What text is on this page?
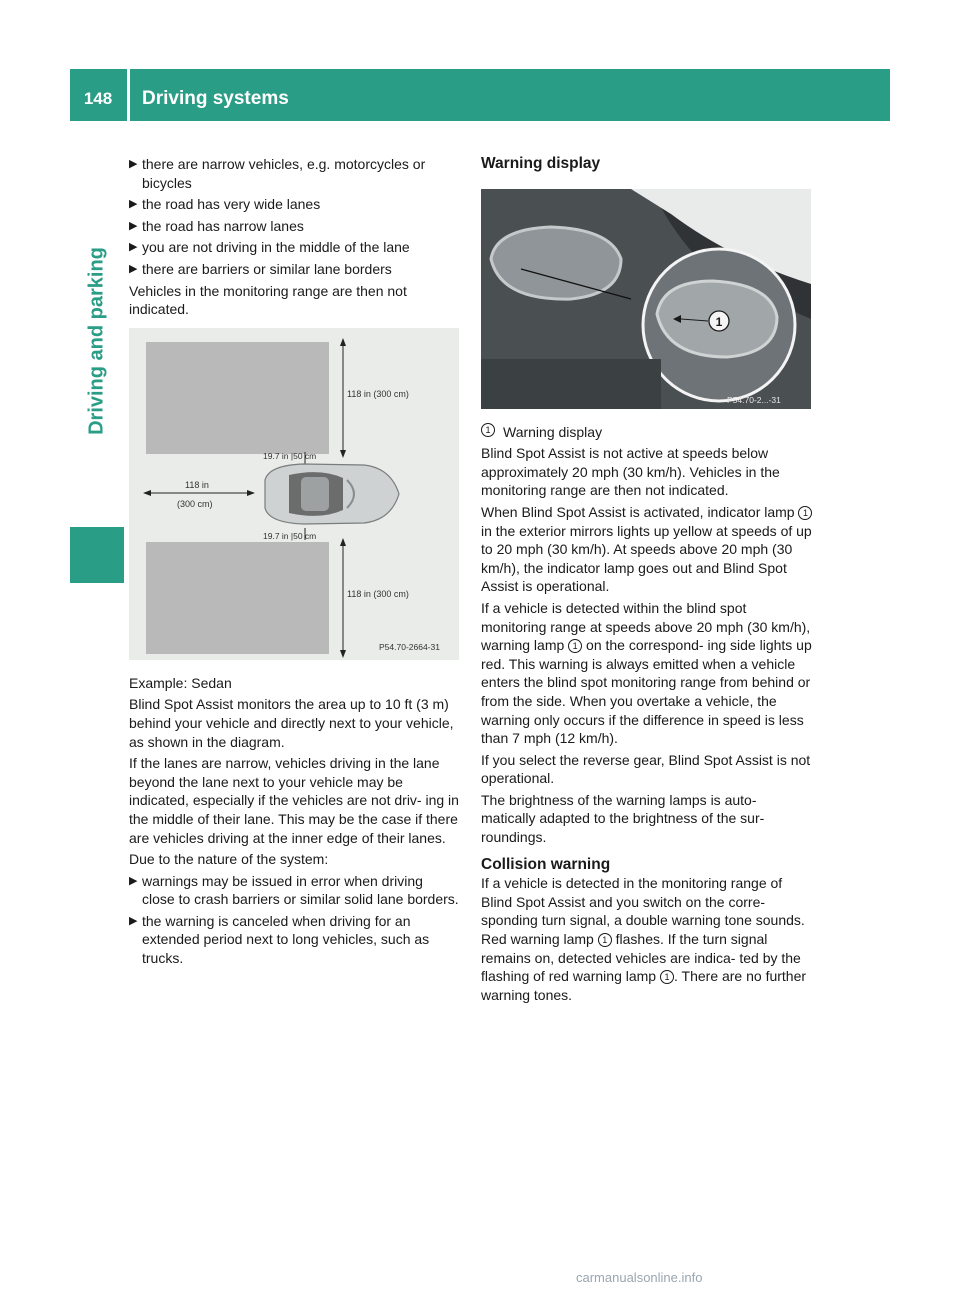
148	Driving systems
Driving and parking
▶ there are narrow vehicles, e.g. motorcycles or bicycles
▶ the road has very wide lanes
▶ the road has narrow lanes
▶ you are not driving in the middle of the lane
▶ there are barriers or similar lane borders

Vehicles in the monitoring range are then not indicated.

118 in (300 cm)
118 in
(300 cm)
19.7 in |50 cm
19.7 in |50 cm
118 in (300 cm)
P54.70-2664-31

Example: Sedan

Blind Spot Assist monitors the area up to 10 ft (3 m) behind your vehicle and directly next to your vehicle, as shown in the diagram.

If the lanes are narrow, vehicles driving in the lane beyond the lane next to your vehicle may be indicated, especially if the vehicles are not driv- ing in the middle of their lane. This may be the case if there are vehicles driving at the inner edge of their lanes.

Due to the nature of the system:

▶ warnings may be issued in error when driving close to crash barriers or similar solid lane borders.
▶ the warning is canceled when driving for an extended period next to long vehicles, such as trucks.
Warning display
1
P54.70-2...-31
1 Warning display

Blind Spot Assist is not active at speeds below approximately 20 mph (30 km/h). Vehicles in the monitoring range are then not indicated.

When Blind Spot Assist is activated, indicator lamp 1 in the exterior mirrors lights up yellow at speeds of up to 20 mph (30 km/h). At speeds above 20 mph (30 km/h), the indicator lamp goes out and Blind Spot Assist is operational.

If a vehicle is detected within the blind spot monitoring range at speeds above 20 mph (30 km/h), warning lamp 1 on the correspond- ing side lights up red. This warning is always emitted when a vehicle enters the blind spot monitoring range from behind or from the side. When you overtake a vehicle, the warning only occurs if the difference in speed is less than 7 mph (12 km/h).

If you select the reverse gear, Blind Spot Assist is not operational.

The brightness of the warning lamps is auto- matically adapted to the brightness of the sur- roundings.

Collision warning

If a vehicle is detected in the monitoring range of Blind Spot Assist and you switch on the corre- sponding turn signal, a double warning tone sounds. Red warning lamp 1 flashes. If the turn signal remains on, detected vehicles are indica- ted by the flashing of red warning lamp 1 . There are no further warning tones.

carmanualsonline.info
